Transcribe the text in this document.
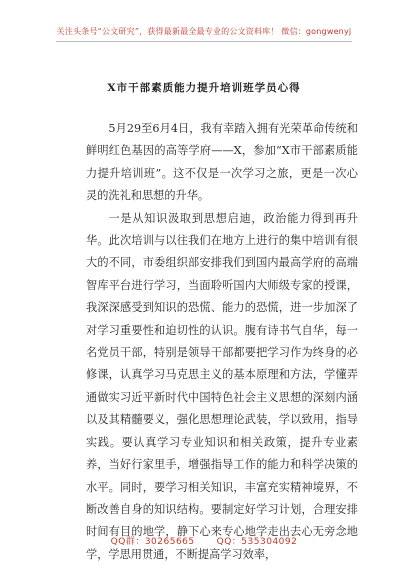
关注头条号“公文研究”，获得最新最全最专业的公文资料库！ 微信：gongwenyj
X市干部素质能力提升培训班学员心得

5月29至6月4日，我有幸踏入拥有光荣革命传统和鲜明红色基因的高等学府——X，参加“X市干部素质能力提升培训班”。这不仅是一次学习之旅，更是一次心灵的洗礼和思想的升华。

一是从知识汲取到思想启迪，政治能力得到再升华。此次培训与以往我们在地方上进行的集中培训有很大的不同，市委组织部安排我们到国内最高学府的高端智库平台进行学习，当面聆听国内大师级专家的授课，我深深感受到知识的恐慌、能力的恐慌，进一步加深了对学习重要性和迫切性的认识。腹有诗书气自华，每一名党员干部，特别是领导干部都要把学习作为终身的必修课，认真学习马克思主义的基本原理和方法，学懂弄通做实习近平新时代中国特色社会主义思想的深刻内涵以及其精髓要义，强化思想理论武装，学以致用，指导实践。要认真学习专业知识和相关政策，提升专业素养，当好行家里手，增强指导工作的能力和科学决策的水平。同时，要学习相关知识，丰富充实精神境界，不断改善自身的知识结构。要制定好学习计划，合理安排时间有目的地学，静下心来专心地学走出去心无旁念地学，学思用贯通，不断提高学习效率，

QQ群：30265665 QQ：535304092
